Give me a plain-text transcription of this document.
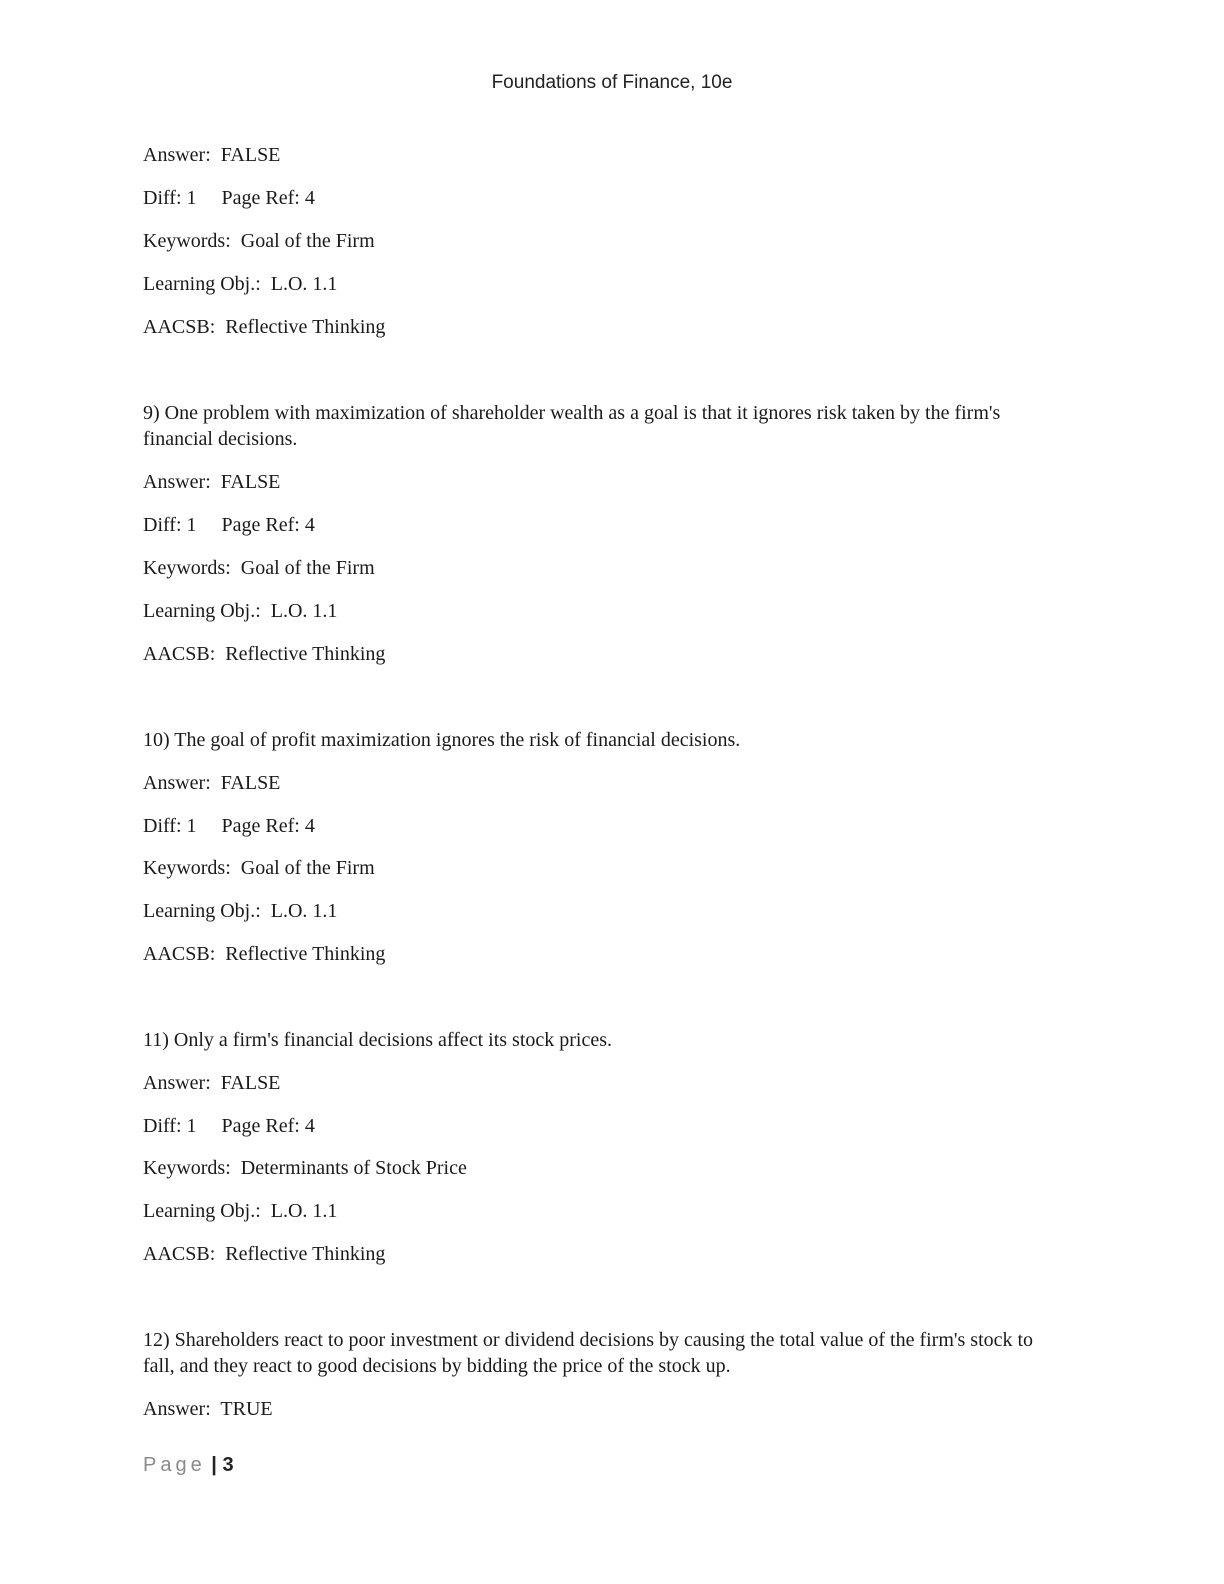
Foundations of Finance, 10e
Answer:  FALSE
Diff: 1     Page Ref: 4
Keywords:  Goal of the Firm
Learning Obj.:  L.O. 1.1
AACSB:  Reflective Thinking
9) One problem with maximization of shareholder wealth as a goal is that it ignores risk taken by the firm's financial decisions.
Answer:  FALSE
Diff: 1     Page Ref: 4
Keywords:  Goal of the Firm
Learning Obj.:  L.O. 1.1
AACSB:  Reflective Thinking
10) The goal of profit maximization ignores the risk of financial decisions.
Answer:  FALSE
Diff: 1     Page Ref: 4
Keywords:  Goal of the Firm
Learning Obj.:  L.O. 1.1
AACSB:  Reflective Thinking
11) Only a firm's financial decisions affect its stock prices.
Answer:  FALSE
Diff: 1     Page Ref: 4
Keywords:  Determinants of Stock Price
Learning Obj.:  L.O. 1.1
AACSB:  Reflective Thinking
12) Shareholders react to poor investment or dividend decisions by causing the total value of the firm's stock to fall, and they react to good decisions by bidding the price of the stock up.
Answer:  TRUE
Page | 3
